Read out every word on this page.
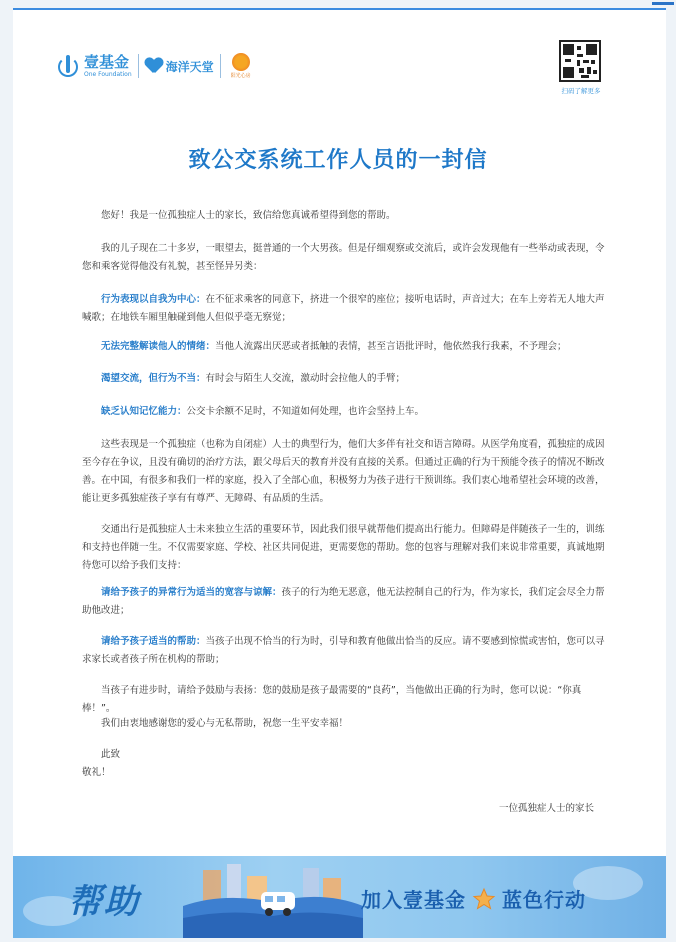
壹基金
One Foundation
海洋天堂
阳光心房
扫码了解更多
致公交系统工作人员的一封信

您好！我是一位孤独症人士的家长，致信给您真诚希望得到您的帮助。

我的儿子现在二十多岁，一眼望去，挺普通的一个大男孩。但是仔细观察或交流后，或许会发现他有一些举动或表现，令您和乘客觉得他没有礼貌，甚至怪异另类：

行为表现以自我为中心：在不征求乘客的同意下，挤进一个很窄的座位；接听电话时，声音过大；在车上旁若无人地大声喊歌；在地铁车厢里触碰到他人但似乎毫无察觉；

无法完整解读他人的情绪：当他人流露出厌恶或者抵触的表情，甚至言语批评时，他依然我行我素，不予理会；

渴望交流，但行为不当：有时会与陌生人交流，激动时会拉他人的手臂；

缺乏认知记忆能力：公交卡余额不足时，不知道如何处理，也许会坚持上车。

这些表现是一个孤独症（也称为自闭症）人士的典型行为，他们大多伴有社交和语言障碍。从医学角度看，孤独症的成因至今存在争议，且没有确切的治疗方法，跟父母后天的教育并没有直接的关系。但通过正确的行为干预能令孩子的情况不断改善。在中国，有很多和我们一样的家庭，投入了全部心血，积极努力为孩子进行干预训练。我们衷心地希望社会环境的改善，能让更多孤独症孩子享有有尊严、无障碍、有品质的生活。

交通出行是孤独症人士未来独立生活的重要环节，因此我们很早就帮他们提高出行能力。但障碍是伴随孩子一生的，训练和支持也伴随一生。不仅需要家庭、学校、社区共同促进，更需要您的帮助。您的包容与理解对我们来说非常重要，真诚地期待您可以给予我们支持：

请给予孩子的异常行为适当的宽容与谅解：孩子的行为绝无恶意，他无法控制自己的行为，作为家长，我们定会尽全力帮助他改进；

请给予孩子适当的帮助：当孩子出现不恰当的行为时，引导和教育他做出恰当的反应。请不要感到惊慌或害怕，您可以寻求家长或者孩子所在机构的帮助；

当孩子有进步时，请给予鼓励与表扬：您的鼓励是孩子最需要的“良药”，当他做出正确的行为时，您可以说：“你真棒！”。

我们由衷地感谢您的爱心与无私帮助，祝您一生平安幸福！

此致

敬礼！

一位孤独症人士的家长
帮助	加入壹基金 蓝色行动
